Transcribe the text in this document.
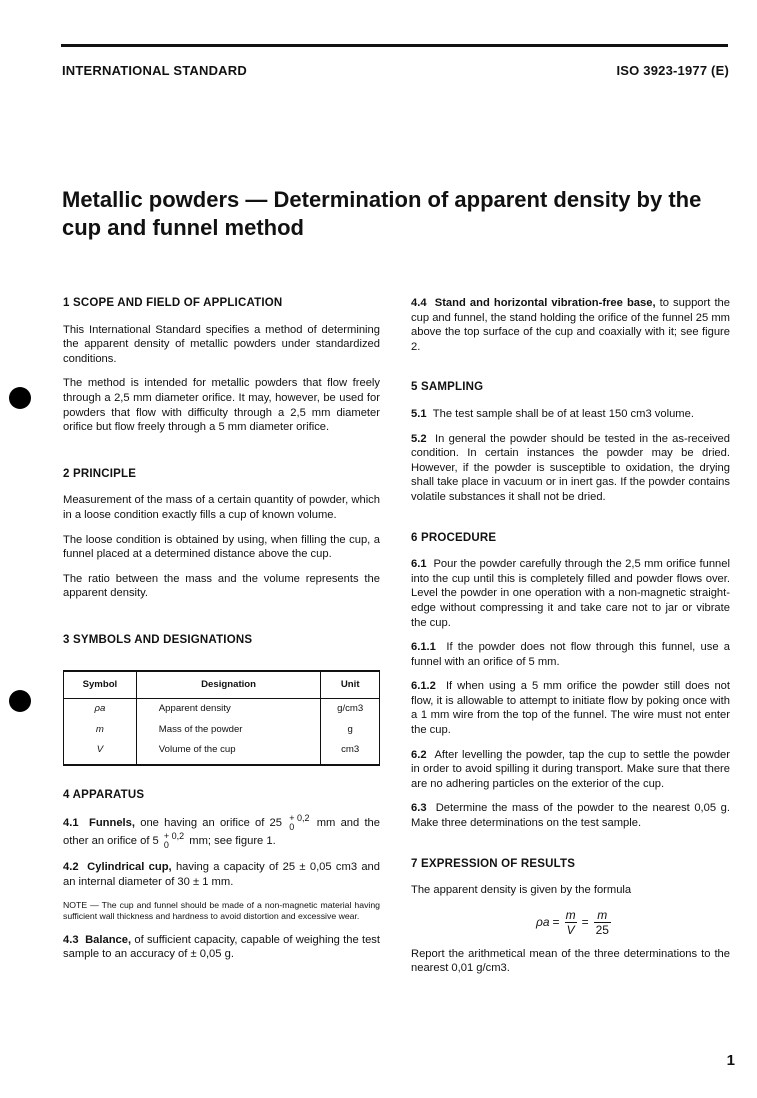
INTERNATIONAL STANDARD	ISO 3923-1977 (E)
Metallic powders — Determination of apparent density by the cup and funnel method
1 SCOPE AND FIELD OF APPLICATION

This International Standard specifies a method of determining the apparent density of metallic powders under standardized conditions.

The method is intended for metallic powders that flow freely through a 2,5 mm diameter orifice. It may, however, be used for powders that flow with difficulty through a 2,5 mm diameter orifice but flow freely through a 5 mm diameter orifice.

2 PRINCIPLE

Measurement of the mass of a certain quantity of powder, which in a loose condition exactly fills a cup of known volume.

The loose condition is obtained by using, when filling the cup, a funnel placed at a determined distance above the cup.

The ratio between the mass and the volume represents the apparent density.

3 SYMBOLS AND DESIGNATIONS
Symbol	Designation	Unit
ρa	Apparent density	g/cm3
m	Mass of the powder	g
V	Volume of the cup	cm3
4 APPARATUS

4.1 Funnels, one having an orifice of 25 + 0,2
0	mm and the other an orifice of 5 + 0,2
0	mm; see figure 1.

4.2 Cylindrical cup, having a capacity of 25 ± 0,05 cm3 and an internal diameter of 30 ± 1 mm.

NOTE — The cup and funnel should be made of a non-magnetic material having sufficient wall thickness and hardness to avoid distortion and excessive wear.

4.3 Balance, of sufficient capacity, capable of weighing the test sample to an accuracy of ± 0,05 g.

4.4 Stand and horizontal vibration-free base, to support the cup and funnel, the stand holding the orifice of the funnel 25 mm above the top surface of the cup and coaxially with it; see figure 2.

5 SAMPLING

5.1 The test sample shall be of at least 150 cm3 volume.

5.2 In general the powder should be tested in the as-received condition. In certain instances the powder may be dried. However, if the powder is susceptible to oxidation, the drying shall take place in vacuum or in inert gas. If the powder contains volatile substances it shall not be dried.

6 PROCEDURE

6.1 Pour the powder carefully through the 2,5 mm orifice funnel into the cup until this is completely filled and powder flows over. Level the powder in one operation with a non-magnetic straight-edge without compressing it and take care not to jar or vibrate the cup.

6.1.1 If the powder does not flow through this funnel, use a funnel with an orifice of 5 mm.

6.1.2 If when using a 5 mm orifice the powder still does not flow, it is allowable to attempt to initiate flow by poking once with a 1 mm wire from the top of the funnel. The wire must not enter the cup.

6.2 After levelling the powder, tap the cup to settle the powder in order to avoid spilling it during transport. Make sure that there are no adhering particles on the exterior of the cup.

6.3 Determine the mass of the powder to the nearest 0,05 g. Make three determinations on the test sample.

7 EXPRESSION OF RESULTS

The apparent density is given by the formula

$\rho a = \frac{m}{V} = \frac{m}{25}$

Report the arithmetical mean of the three determinations to the nearest 0,01 g/cm3.

1
